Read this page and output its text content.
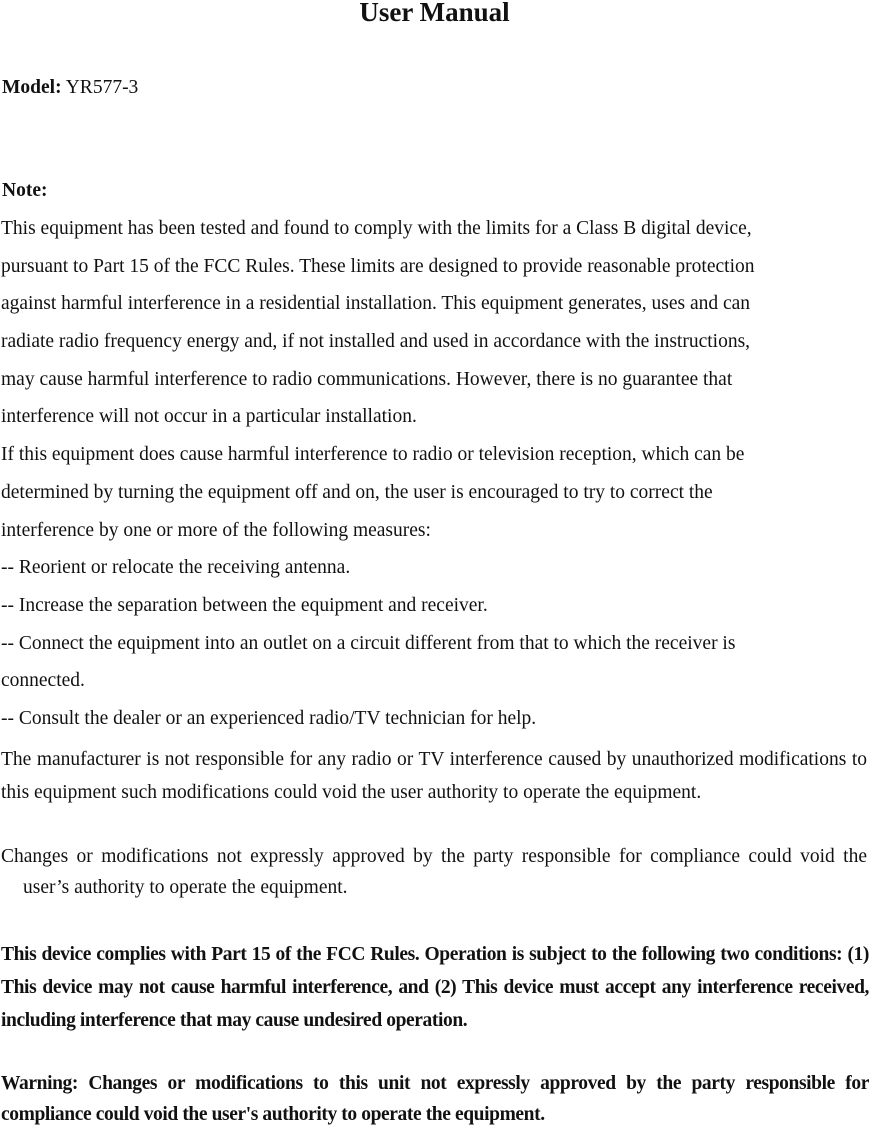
User Manual
Model: YR577-3
Note:
This equipment has been tested and found to comply with the limits for a Class B digital device,
pursuant to Part 15 of the FCC Rules. These limits are designed to provide reasonable protection
against harmful interference in a residential installation. This equipment generates, uses and can
radiate radio frequency energy and, if not installed and used in accordance with the instructions,
may cause harmful interference to radio communications. However, there is no guarantee that
interference will not occur in a particular installation.
If this equipment does cause harmful interference to radio or television reception, which can be
determined by turning the equipment off and on, the user is encouraged to try to correct the
interference by one or more of the following measures:
-- Reorient or relocate the receiving antenna.
-- Increase the separation between the equipment and receiver.
-- Connect the equipment into an outlet on a circuit different from that to which the receiver is
connected.
-- Consult the dealer or an experienced radio/TV technician for help.
The manufacturer is not responsible for any radio or TV interference caused by unauthorized modifications to this equipment such modifications could void the user authority to operate the equipment.
Changes or modifications not expressly approved by the party responsible for compliance could void the user’s authority to operate the equipment.
This device complies with Part 15 of the FCC Rules. Operation is subject to the following two conditions: (1) This device may not cause harmful interference, and (2) This device must accept any interference received, including interference that may cause undesired operation.
Warning: Changes or modifications to this unit not expressly approved by the party responsible for compliance could void the user's authority to operate the equipment.
